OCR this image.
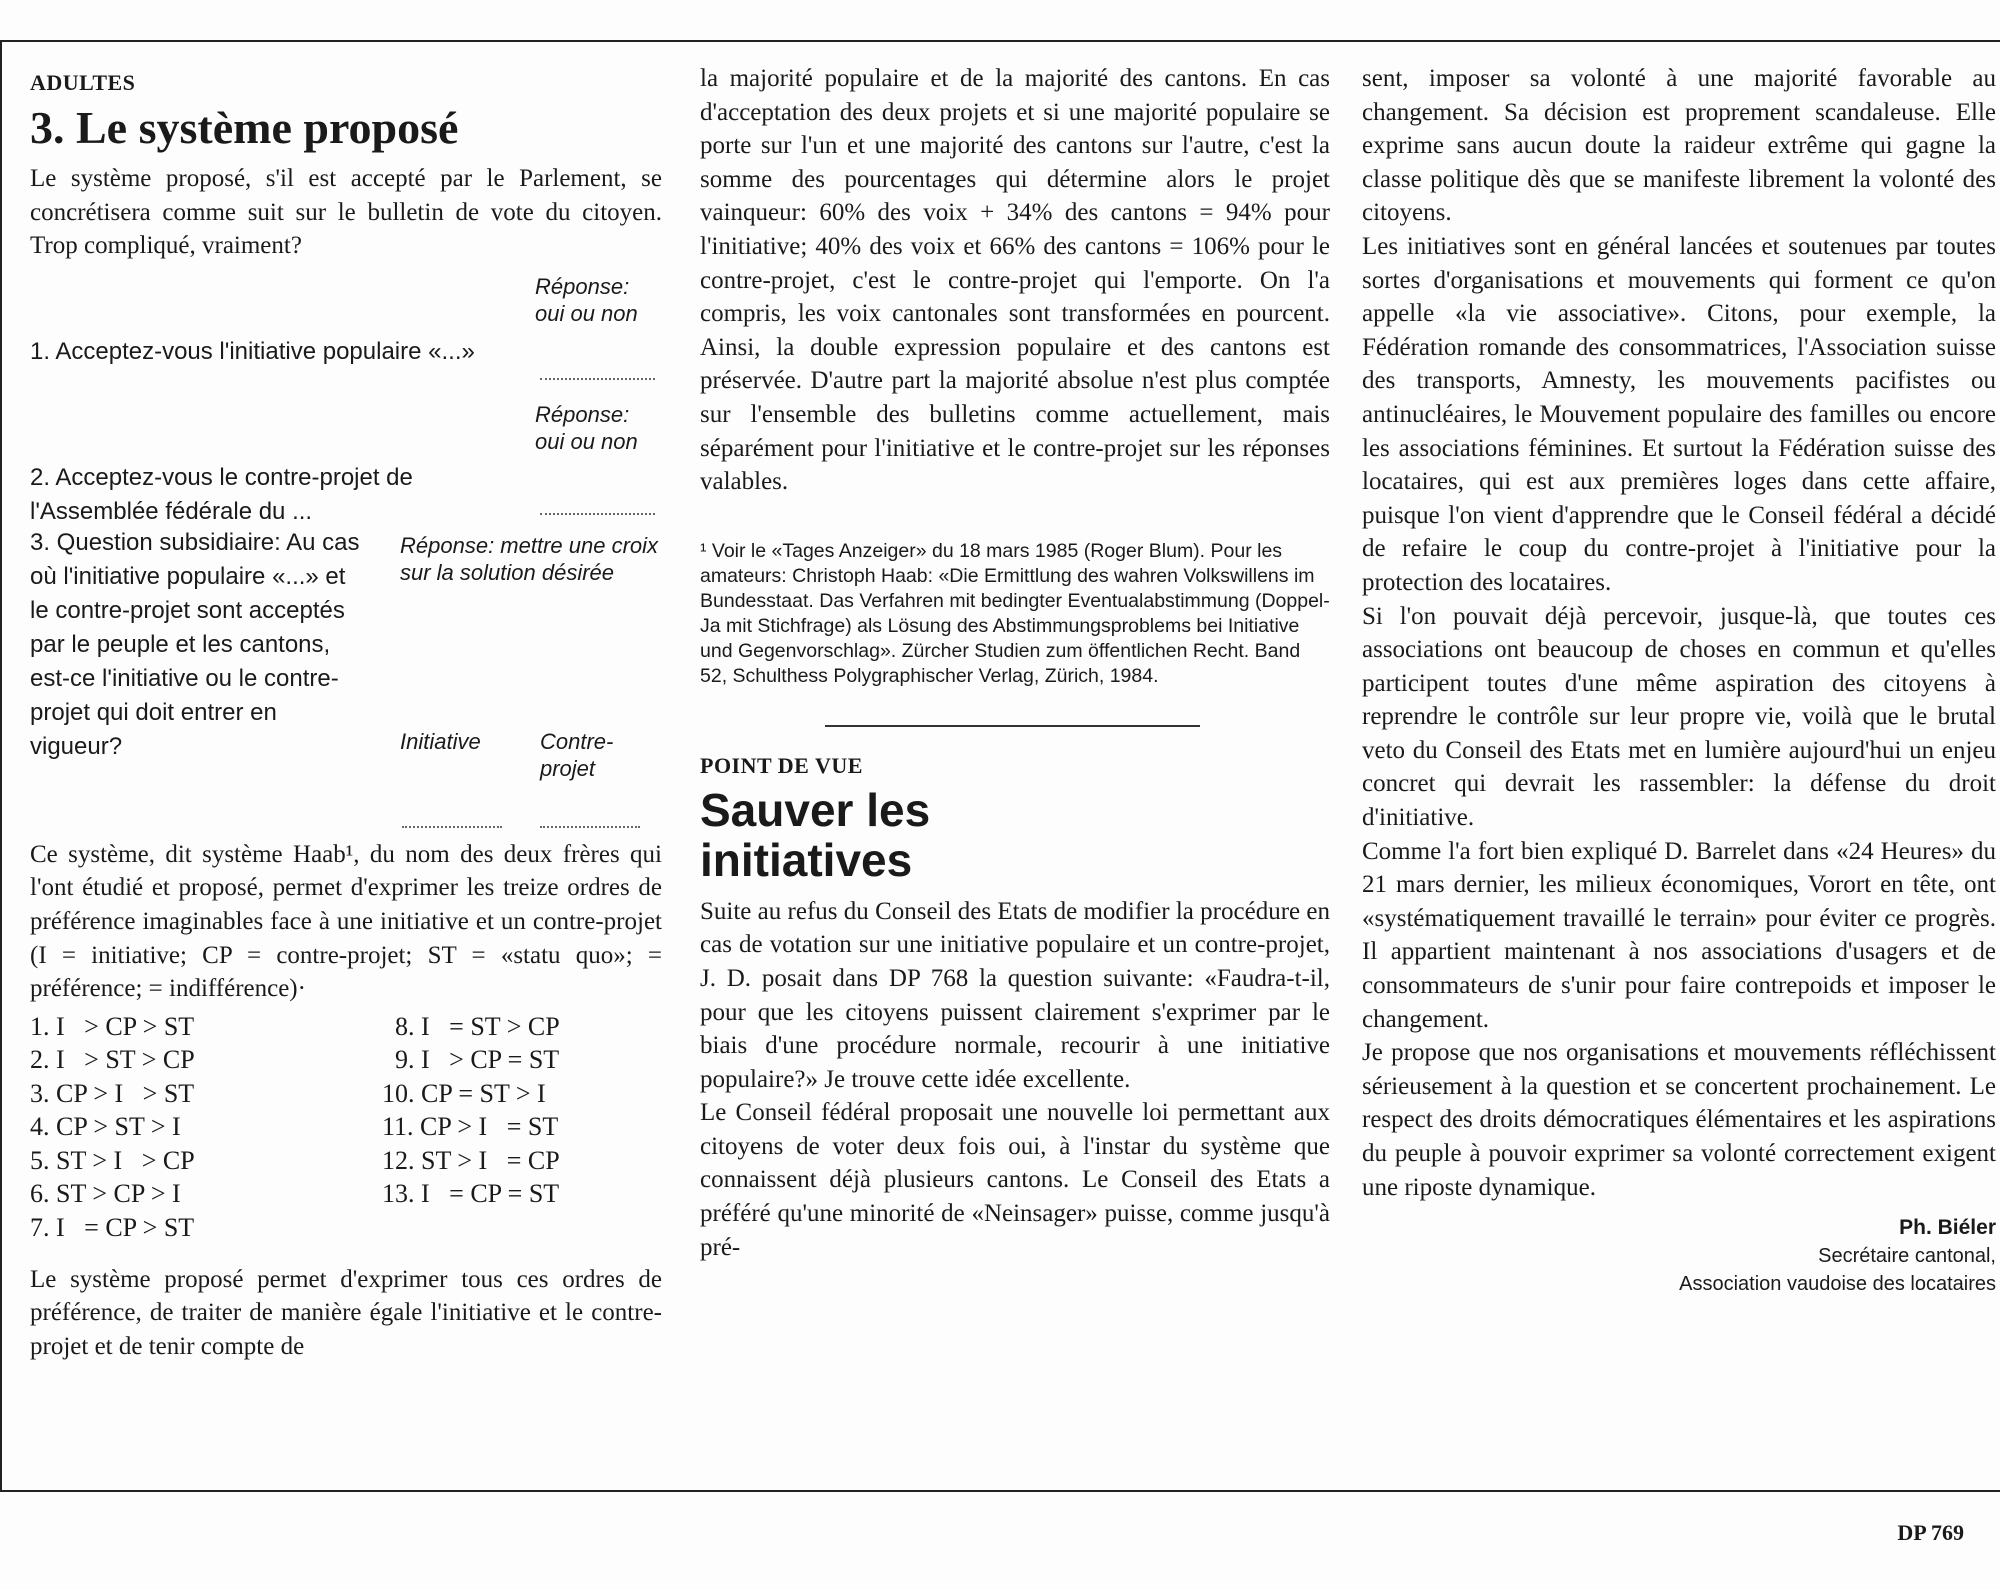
ADULTES
3. Le système proposé

Le système proposé, s'il est accepté par le Parlement, se concrétisera comme suit sur le bulletin de vote du citoyen. Trop compliqué, vraiment?

Réponse: oui ou non
1. Acceptez-vous l'initiative populaire «...»
Réponse: oui ou non
2. Acceptez-vous le contre-projet de l'Assemblée fédérale du ...
3. Question subsidiaire: Au cas où l'initiative populaire «...» et le contre-projet sont acceptés par le peuple et les cantons, est-ce l'initiative ou le contre-projet qui doit entrer en vigueur?
Réponse: mettre une croix sur la solution désirée
Initiative	Contre-projet

Ce système, dit système Haab¹, du nom des deux frères qui l'ont étudié et proposé, permet d'exprimer les treize ordres de préférence imaginables face à une initiative et un contre-projet (I = initiative; CP = contre-projet; ST = «statu quo»; = préférence; = indifférence)·

1. I   > CP > ST
2. I   > ST > CP
3. CP > I   > ST
4. CP > ST > I
5. ST > I   > CP
6. ST > CP > I
7. I   = CP > ST
8. I   = ST > CP
9. I   > CP = ST
10. CP = ST > I
11. CP > I   = ST
12. ST > I   = CP
13. I   = CP = ST

Le système proposé permet d'exprimer tous ces ordres de préférence, de traiter de manière égale l'initiative et le contre-projet et de tenir compte de

la majorité populaire et de la majorité des cantons. En cas d'acceptation des deux projets et si une majorité populaire se porte sur l'un et une majorité des cantons sur l'autre, c'est la somme des pourcentages qui détermine alors le projet vainqueur: 60% des voix + 34% des cantons = 94% pour l'initiative; 40% des voix et 66% des cantons = 106% pour le contre-projet, c'est le contre-projet qui l'emporte. On l'a compris, les voix cantonales sont transformées en pourcent. Ainsi, la double expression populaire et des cantons est préservée. D'autre part la majorité absolue n'est plus comptée sur l'ensemble des bulletins comme actuellement, mais séparément pour l'initiative et le contre-projet sur les réponses valables.

¹ Voir le «Tages Anzeiger» du 18 mars 1985 (Roger Blum). Pour les amateurs: Christoph Haab: «Die Ermittlung des wahren Volkswillens im Bundesstaat. Das Verfahren mit bedingter Eventualabstimmung (Doppel-Ja mit Stichfrage) als Lösung des Abstimmungsproblems bei Initiative und Gegenvorschlag». Zürcher Studien zum öffentlichen Recht. Band 52, Schulthess Polygraphischer Verlag, Zürich, 1984.
POINT DE VUE
Sauver les initiatives

Suite au refus du Conseil des Etats de modifier la procédure en cas de votation sur une initiative populaire et un contre-projet, J. D. posait dans DP 768 la question suivante: «Faudra-t-il, pour que les citoyens puissent clairement s'exprimer par le biais d'une procédure normale, recourir à une initiative populaire?» Je trouve cette idée excellente.

Le Conseil fédéral proposait une nouvelle loi permettant aux citoyens de voter deux fois oui, à l'instar du système que connaissent déjà plusieurs cantons. Le Conseil des Etats a préféré qu'une minorité de «Neinsager» puisse, comme jusqu'à pré-

sent, imposer sa volonté à une majorité favorable au changement. Sa décision est proprement scandaleuse. Elle exprime sans aucun doute la raideur extrême qui gagne la classe politique dès que se manifeste librement la volonté des citoyens.

Les initiatives sont en général lancées et soutenues par toutes sortes d'organisations et mouvements qui forment ce qu'on appelle «la vie associative». Citons, pour exemple, la Fédération romande des consommatrices, l'Association suisse des transports, Amnesty, les mouvements pacifistes ou antinucléaires, le Mouvement populaire des familles ou encore les associations féminines. Et surtout la Fédération suisse des locataires, qui est aux premières loges dans cette affaire, puisque l'on vient d'apprendre que le Conseil fédéral a décidé de refaire le coup du contre-projet à l'initiative pour la protection des locataires.

Si l'on pouvait déjà percevoir, jusque-là, que toutes ces associations ont beaucoup de choses en commun et qu'elles participent toutes d'une même aspiration des citoyens à reprendre le contrôle sur leur propre vie, voilà que le brutal veto du Conseil des Etats met en lumière aujourd'hui un enjeu concret qui devrait les rassembler: la défense du droit d'initiative.

Comme l'a fort bien expliqué D. Barrelet dans «24 Heures» du 21 mars dernier, les milieux économiques, Vorort en tête, ont «systématiquement travaillé le terrain» pour éviter ce progrès. Il appartient maintenant à nos associations d'usagers et de consommateurs de s'unir pour faire contrepoids et imposer le changement.

Je propose que nos organisations et mouvements réfléchissent sérieusement à la question et se concertent prochainement. Le respect des droits démocratiques élémentaires et les aspirations du peuple à pouvoir exprimer sa volonté correctement exigent une riposte dynamique.

Ph. Biéler
Secrétaire cantonal,
Association vaudoise des locataires
DP 769
